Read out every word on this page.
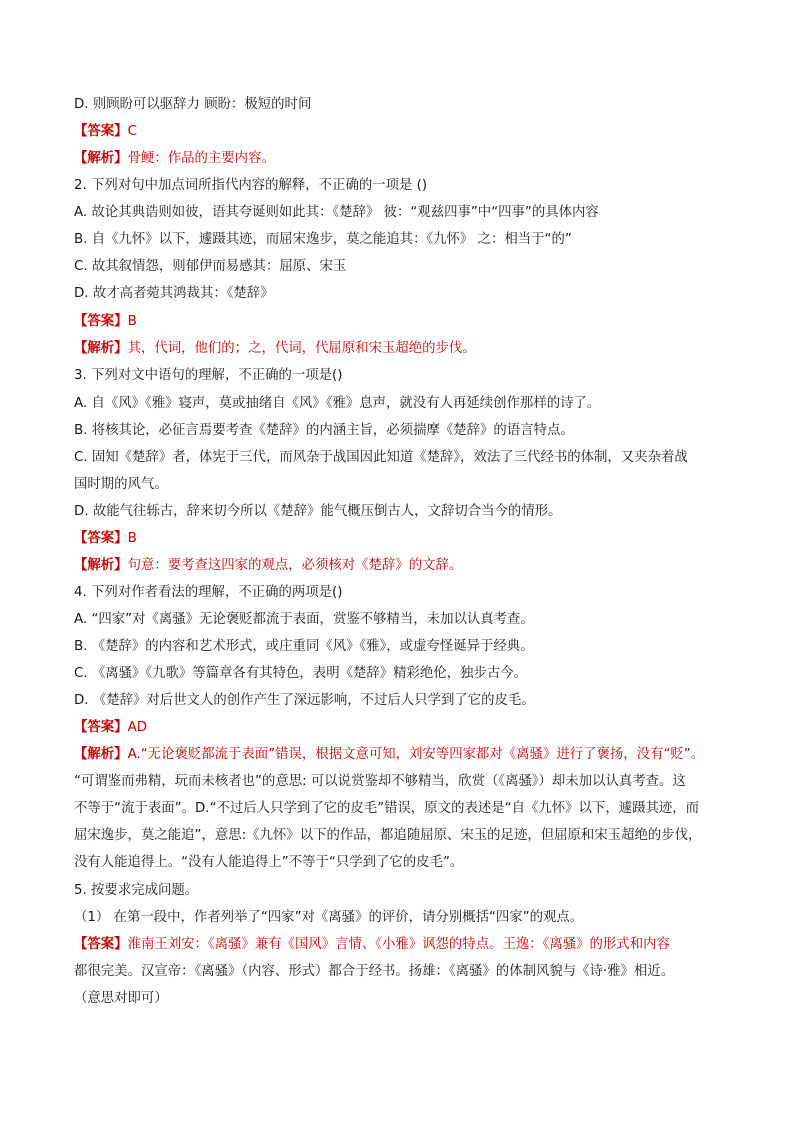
D. 则顾盼可以驱辞力 顾盼：极短的时间
【答案】C
【解析】骨鲠：作品的主要内容。
2. 下列对句中加点词所指代内容的解释，不正确的一项是 ()
A. 故论其典诰则如彼，语其夸诞则如此其：《楚辞》 彼：“观兹四事”中“四事”的具体内容
B. 自《九怀》以下，遽蹑其迹，而屈宋逸步，莫之能追其：《九怀》 之：相当于“的”
C. 故其叙情怨，则郁伊而易感其：屈原、宋玉
D. 故才高者菀其鸿裁其：《楚辞》
【答案】B
【解析】其，代词，他们的；之，代词，代屈原和宋玉超绝的步伐。
3. 下列对文中语句的理解，不正确的一项是()
A. 自《风》《雅》寝声，莫或抽绪自《风》《雅》息声，就没有人再延续创作那样的诗了。
B. 将核其论，必征言焉要考查《楚辞》的内涵主旨，必须揣摩《楚辞》的语言特点。
C. 固知《楚辞》者，体宪于三代，而风杂于战国因此知道《楚辞》，效法了三代经书的体制，又夹杂着战
国时期的风气。
D. 故能气往轹古，辞来切今所以《楚辞》能气概压倒古人，文辞切合当今的情形。
【答案】B
【解析】句意：要考查这四家的观点，必须核对《楚辞》的文辞。
4. 下列对作者看法的理解，不正确的两项是()
A. “四家”对《离骚》无论褒贬都流于表面，赏鉴不够精当，未加以认真考查。
B. 《楚辞》的内容和艺术形式，或庄重同《风》《雅》，或虚夸怪诞异于经典。
C. 《离骚》《九歌》等篇章各有其特色，表明《楚辞》精彩绝伦，独步古今。
D. 《楚辞》对后世文人的创作产生了深远影响，不过后人只学到了它的皮毛。
【答案】AD
【解析】A.“无论褒贬都流于表面”错误，根据文意可知，刘安等四家都对《离骚》进行了褒扬，没有“贬”。
“可谓鉴而弗精，玩而未核者也”的意思: 可以说赏鉴却不够精当，欣赏（《离骚》）却未加以认真考查。这
不等于“流于表面”。D.“不过后人只学到了它的皮毛”错误，原文的表述是“自《九怀》以下，遽蹑其迹，而
屈宋逸步，莫之能追”，意思:《九怀》以下的作品，都追随屈原、宋玉的足迹，但屈原和宋玉超绝的步伐，
没有人能追得上。“没有人能追得上”不等于“只学到了它的皮毛”。
5. 按要求完成问题。
（1） 在第一段中，作者列举了“四家”对《离骚》的评价，请分别概括“四家”的观点。
【答案】淮南王刘安：《离骚》兼有《国风》言情、《小雅》讽怨的特点。王逸：《离骚》的形式和内容
都很完美。汉宣帝：《离骚》（内容、形式）都合于经书。扬雄：《离骚》的体制风貌与《诗·雅》相近。
（意思对即可）
